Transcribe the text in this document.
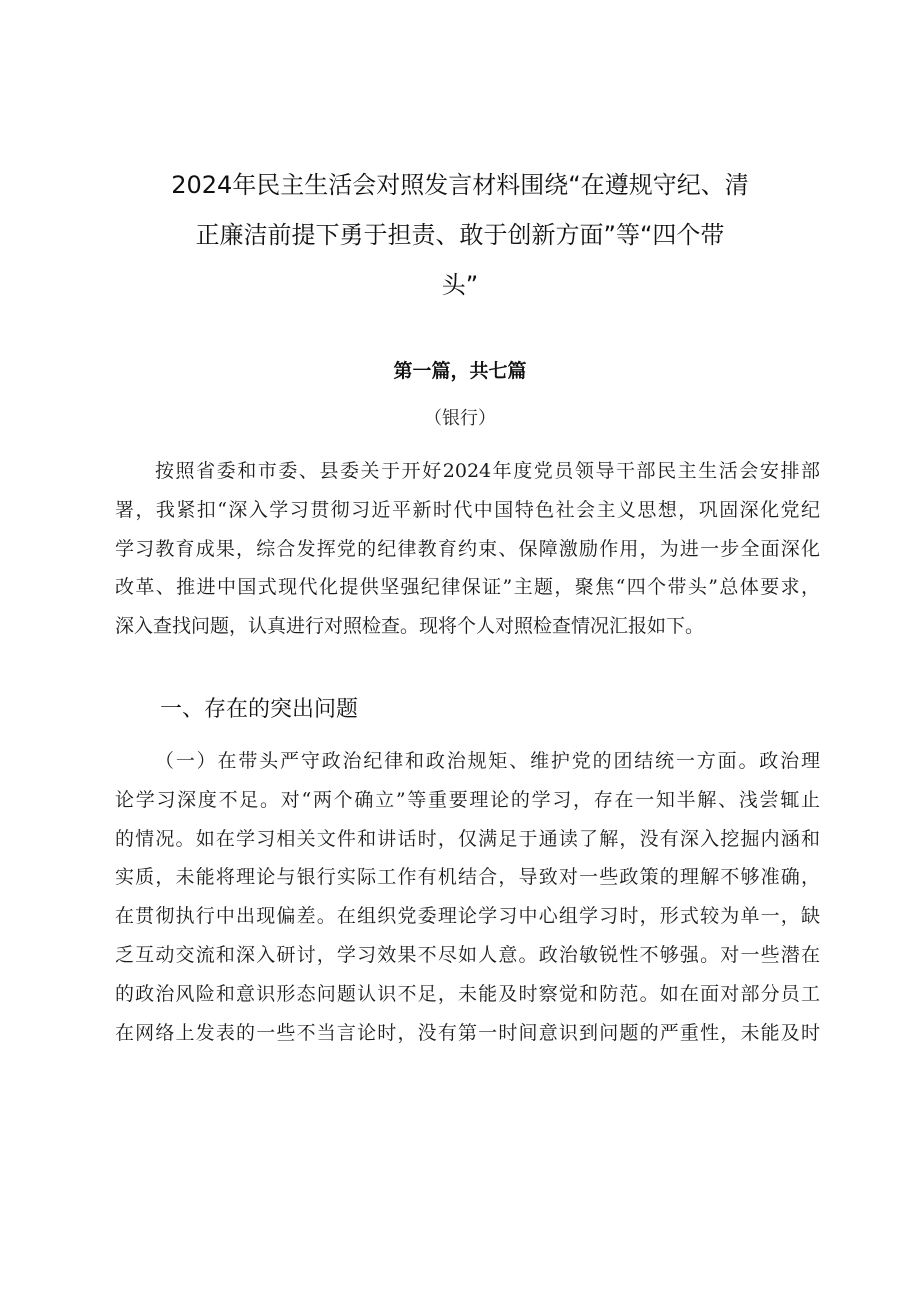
2024年民主生活会对照发言材料围绕“在遵规守纪、清
正廉洁前提下勇于担责、敢于创新方面”等“四个带
头”
第一篇，共七篇
（银行）
按照省委和市委、县委关于开好2024年度党员领导干部民主生活会安排部
署，我紧扣“深入学习贯彻习近平新时代中国特色社会主义思想，巩固深化党纪
学习教育成果，综合发挥党的纪律教育约束、保障激励作用，为进一步全面深化
改革、推进中国式现代化提供坚强纪律保证”主题，聚焦“四个带头”总体要求，
深入查找问题，认真进行对照检查。现将个人对照检查情况汇报如下。
一、存在的突出问题
（一）在带头严守政治纪律和政治规矩、维护党的团结统一方面。政治理
论学习深度不足。对“两个确立”等重要理论的学习，存在一知半解、浅尝辄止
的情况。如在学习相关文件和讲话时，仅满足于通读了解，没有深入挖掘内涵和
实质，未能将理论与银行实际工作有机结合，导致对一些政策的理解不够准确，
在贯彻执行中出现偏差。在组织党委理论学习中心组学习时，形式较为单一，缺
乏互动交流和深入研讨，学习效果不尽如人意。政治敏锐性不够强。对一些潜在
的政治风险和意识形态问题认识不足，未能及时察觉和防范。如在面对部分员工
在网络上发表的一些不当言论时，没有第一时间意识到问题的严重性，未能及时
